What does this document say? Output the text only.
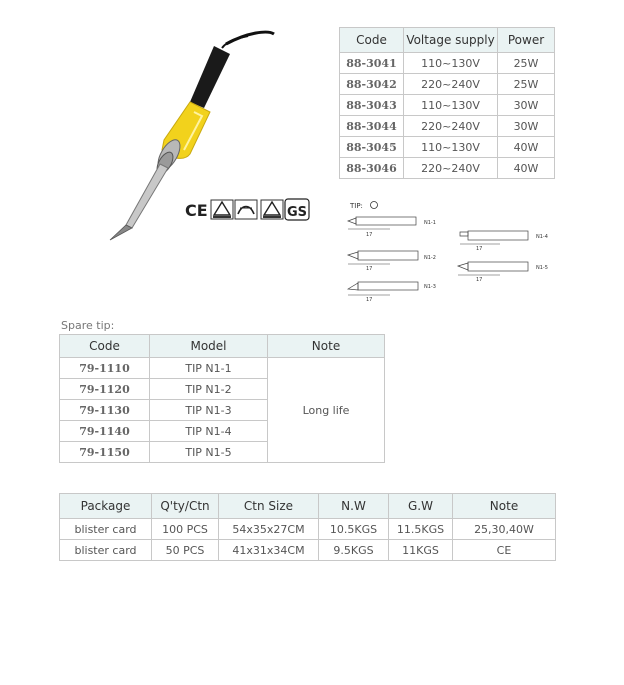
CE	GS	TIP:
17
N1-1
17
N1-2
17
N1-3
17
N1-4
17
N1-5
Code	Voltage supply	Power
88-3041	110~130V	25W
88-3042	220~240V	25W
88-3043	110~130V	30W
88-3044	220~240V	30W
88-3045	110~130V	40W
88-3046	220~240V	40W
Spare tip:
Code	Model	Note
79-1110	TIP N1-1	Long life
79-1120	TIP N1-2	
79-1130	TIP N1-3	
79-1140	TIP N1-4	
79-1150	TIP N1-5	
Package	Q'ty/Ctn	Ctn Size	N.W	G.W	Note
blister card	100 PCS	54x35x27CM	10.5KGS	11.5KGS	25,30,40W
blister card	50 PCS	41x31x34CM	9.5KGS	11KGS	CE
